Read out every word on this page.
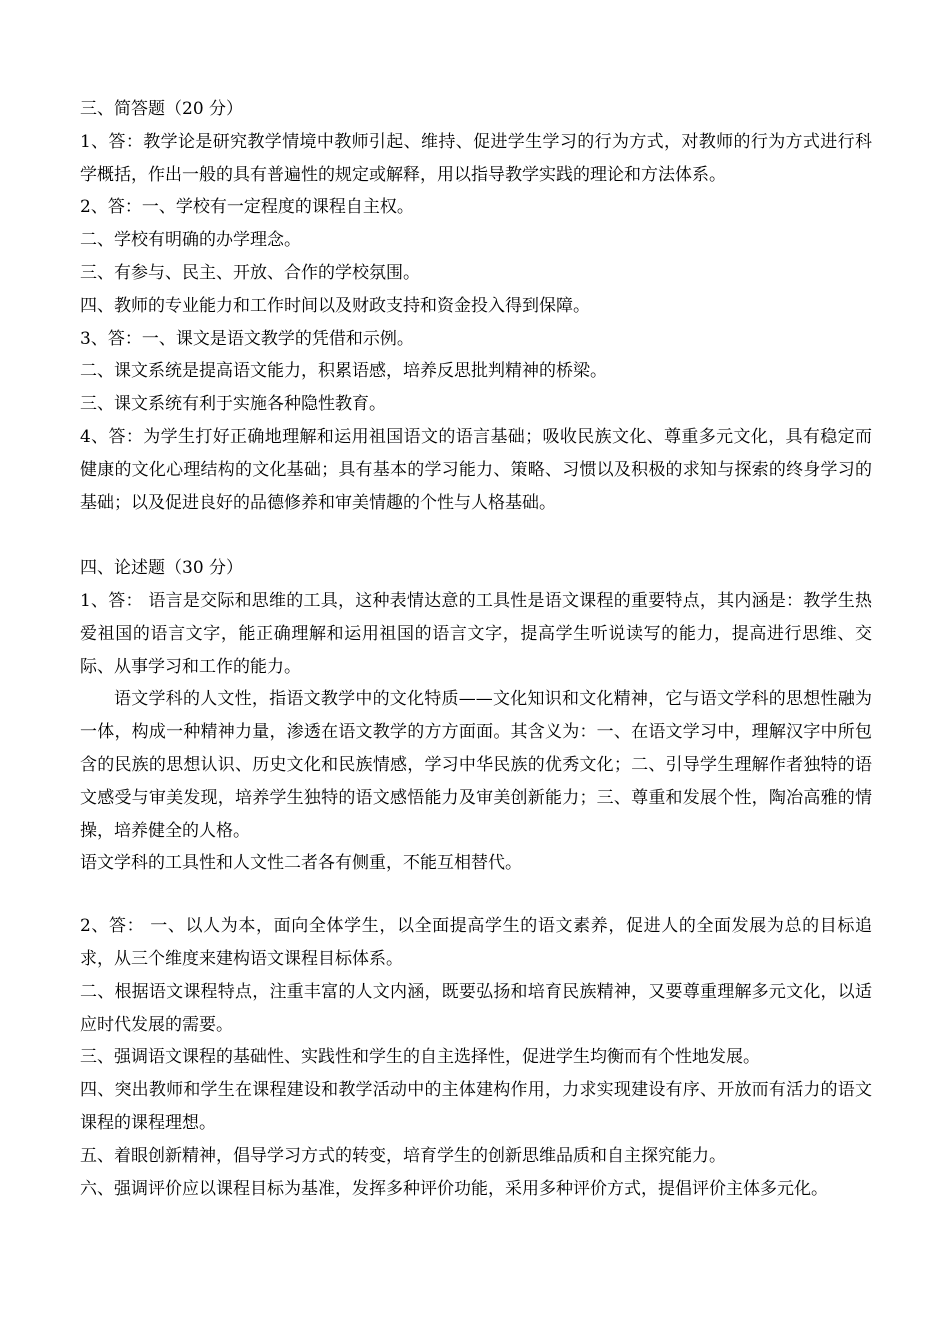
三、简答题（20 分）

1、答：教学论是研究教学情境中教师引起、维持、促进学生学习的行为方式，对教师的行为方式进行科学概括，作出一般的具有普遍性的规定或解释，用以指导教学实践的理论和方法体系。

2、答：一、学校有一定程度的课程自主权。

二、学校有明确的办学理念。

三、有参与、民主、开放、合作的学校氛围。

四、教师的专业能力和工作时间以及财政支持和资金投入得到保障。

3、答：一、课文是语文教学的凭借和示例。

二、课文系统是提高语文能力，积累语感，培养反思批判精神的桥梁。

三、课文系统有利于实施各种隐性教育。

4、答：为学生打好正确地理解和运用祖国语文的语言基础；吸收民族文化、尊重多元文化，具有稳定而健康的文化心理结构的文化基础；具有基本的学习能力、策略、习惯以及积极的求知与探索的终身学习的基础；以及促进良好的品德修养和审美情趣的个性与人格基础。

四、论述题（30 分）

1、答： 语言是交际和思维的工具，这种表情达意的工具性是语文课程的重要特点，其内涵是：教学生热爱祖国的语言文字，能正确理解和运用祖国的语言文字，提高学生听说读写的能力，提高进行思维、交际、从事学习和工作的能力。

语文学科的人文性，指语文教学中的文化特质——文化知识和文化精神，它与语文学科的思想性融为一体，构成一种精神力量，渗透在语文教学的方方面面。其含义为：一、在语文学习中，理解汉字中所包含的民族的思想认识、历史文化和民族情感，学习中华民族的优秀文化；二、引导学生理解作者独特的语文感受与审美发现，培养学生独特的语文感悟能力及审美创新能力；三、尊重和发展个性，陶冶高雅的情操，培养健全的人格。

语文学科的工具性和人文性二者各有侧重，不能互相替代。

2、答： 一、以人为本，面向全体学生，以全面提高学生的语文素养，促进人的全面发展为总的目标追求，从三个维度来建构语文课程目标体系。

二、根据语文课程特点，注重丰富的人文内涵，既要弘扬和培育民族精神，又要尊重理解多元文化，以适应时代发展的需要。

三、强调语文课程的基础性、实践性和学生的自主选择性，促进学生均衡而有个性地发展。

四、突出教师和学生在课程建设和教学活动中的主体建构作用，力求实现建设有序、开放而有活力的语文课程的课程理想。

五、着眼创新精神，倡导学习方式的转变，培育学生的创新思维品质和自主探究能力。

六、强调评价应以课程目标为基准，发挥多种评价功能，采用多种评价方式，提倡评价主体多元化。
